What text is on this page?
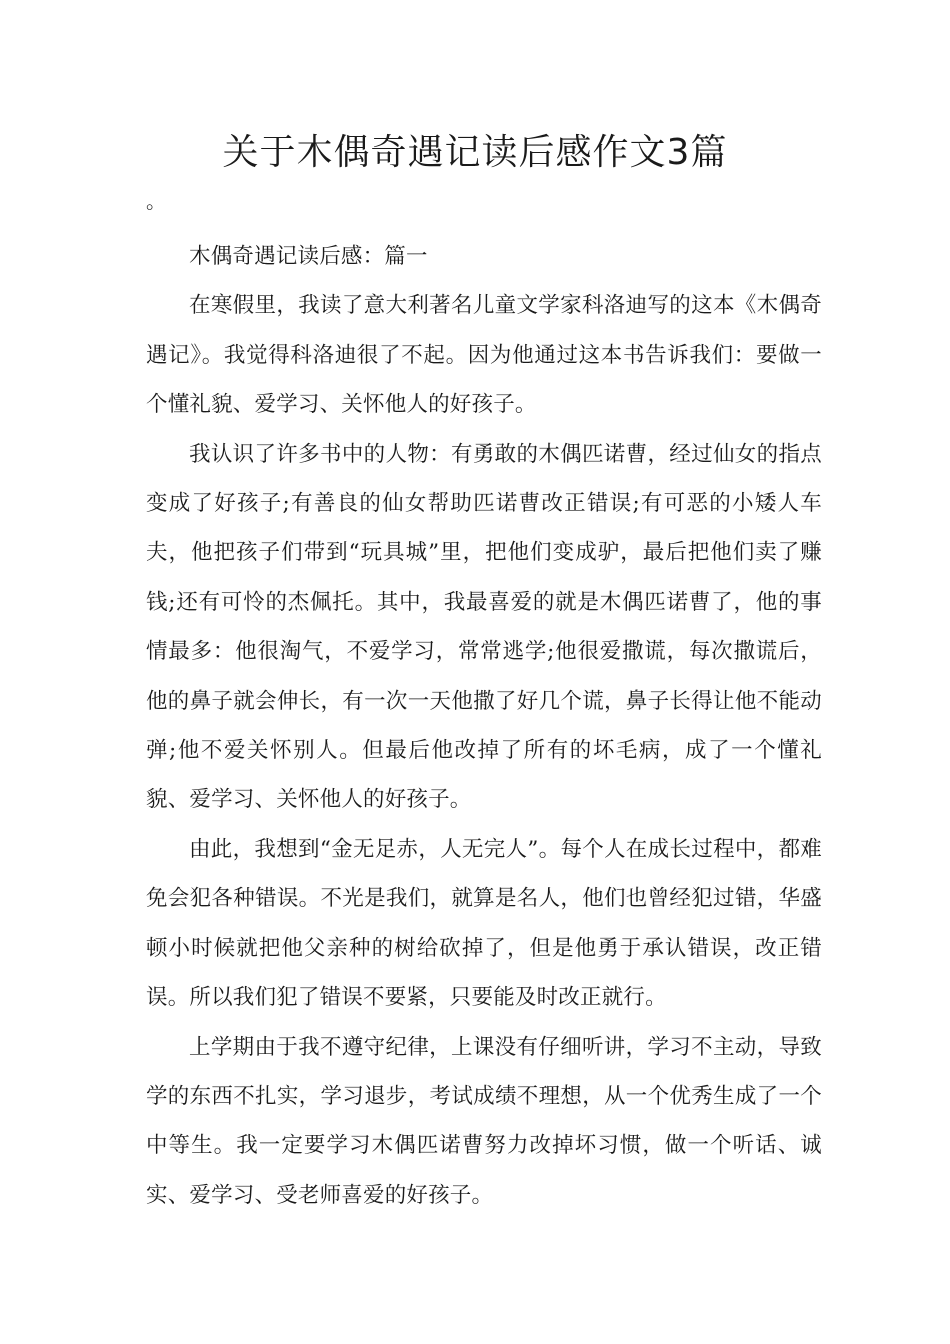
关于木偶奇遇记读后感作文3篇

。

木偶奇遇记读后感：篇一

在寒假里，我读了意大利著名儿童文学家科洛迪写的这本《木偶奇遇记》。我觉得科洛迪很了不起。因为他通过这本书告诉我们：要做一个懂礼貌、爱学习、关怀他人的好孩子。

我认识了许多书中的人物：有勇敢的木偶匹诺曹，经过仙女的指点变成了好孩子;有善良的仙女帮助匹诺曹改正错误;有可恶的小矮人车夫，他把孩子们带到“玩具城”里，把他们变成驴，最后把他们卖了赚钱;还有可怜的杰佩托。其中，我最喜爱的就是木偶匹诺曹了，他的事情最多：他很淘气，不爱学习，常常逃学;他很爱撒谎，每次撒谎后，他的鼻子就会伸长，有一次一天他撒了好几个谎，鼻子长得让他不能动弹;他不爱关怀别人。但最后他改掉了所有的坏毛病，成了一个懂礼貌、爱学习、关怀他人的好孩子。

由此，我想到“金无足赤，人无完人”。每个人在成长过程中，都难免会犯各种错误。不光是我们，就算是名人，他们也曾经犯过错，华盛顿小时候就把他父亲种的树给砍掉了，但是他勇于承认错误，改正错误。所以我们犯了错误不要紧，只要能及时改正就行。

上学期由于我不遵守纪律，上课没有仔细听讲，学习不主动，导致学的东西不扎实，学习退步，考试成绩不理想，从一个优秀生成了一个中等生。我一定要学习木偶匹诺曹努力改掉坏习惯，做一个听话、诚实、爱学习、受老师喜爱的好孩子。
